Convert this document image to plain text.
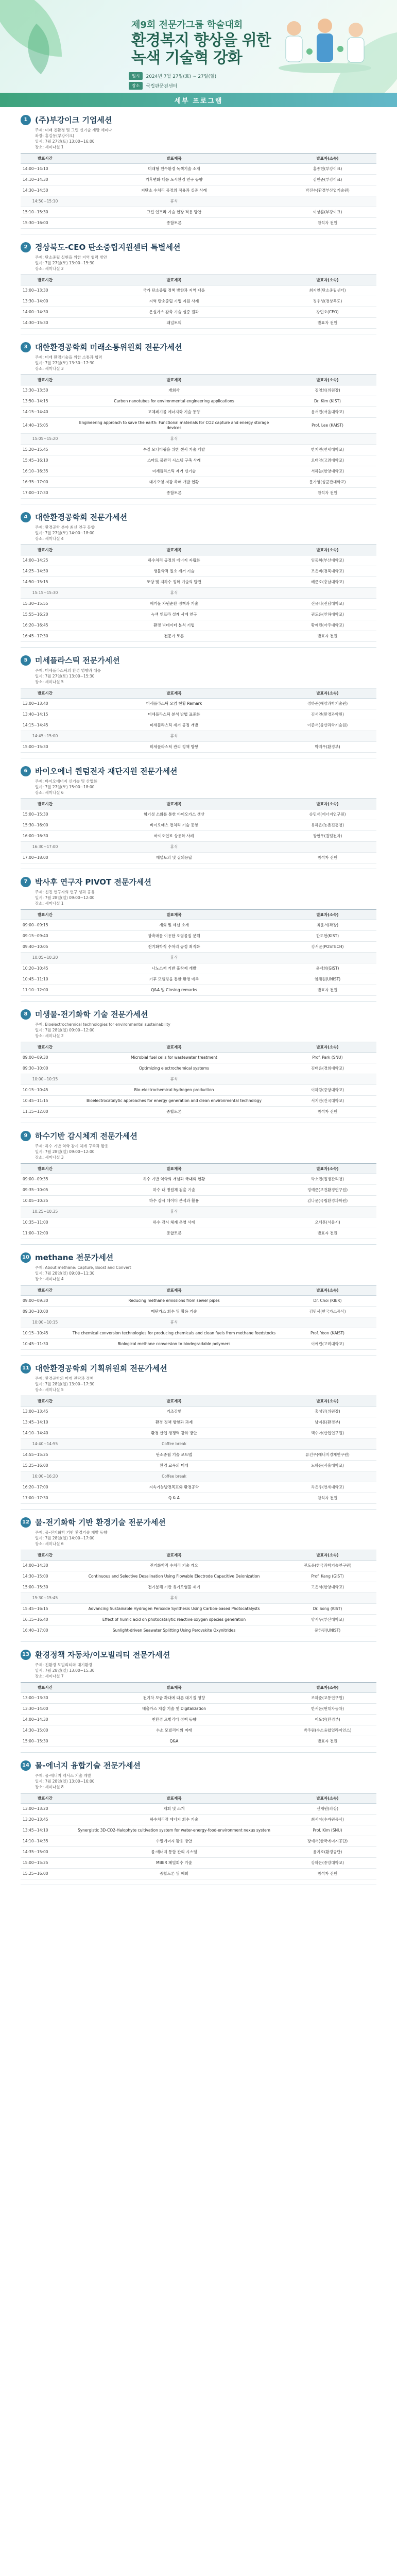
제9회 전문가그룹 학술대회
환경복지 향상을 위한
녹색 기술혁 강화
일시	2024년 7월 27일(토) ~ 27일(일)
장소	국립판문진센터
세부 프로그램
1 (주)부강이크 기업세션
주제: 미래 친환경 및 그린 신기술 개발 세미나
좌장: 홍길동(부강이크)
일시: 7월 27일(토) 13:00~16:00
장소: 세미나실 1
발표시간	발표제목	발표자(소속)
14:00~14:10	미래형 친수환경 녹색기술 소개	홍종헌(부강이크)
14:10~14:30	기후변화 대응 도시환경 연구 동향	김민준(부강이크)
14:30~14:50	저탄소 수처리 공정의 적용과 실증 사례	박진수(환경부산업기술원)
14:50~15:10	휴식	
15:10~15:30	그린 인프라 기술 현장 적용 방안	이상훈(부강이크)
15:30~16:00	종합토론	참석자 전원
2 경상북도-CEO 탄소중립지원센터 특별세션
주제: 탄소중립 실현을 위한 지역 협력 방안
일시: 7월 27일(토) 13:00~15:30
장소: 세미나실 2
발표시간	발표제목	발표자(소속)
13:00~13:30	국가 탄소중립 정책 방향과 지역 대응	최지연(탄소중립센터)
13:30~14:00	지역 탄소중립 기업 지원 사례	정우성(경상북도)
14:00~14:30	온실가스 감축 기술 실증 결과	강민호(CEO)
14:30~15:30	패널토의	발표자 전원
3 대한환경공학회 미래소통위원회 전문가세션
주제: 미래 환경기술을 위한 소통과 협력
일시: 7월 27일(토) 13:30~17:30
장소: 세미나실 3
발표시간	발표제목	발표자(소속)
13:30~13:50	개회사	김영희(위원장)
13:50~14:15	Carbon nanotubes for environmental engineering applications	Dr. Kim (KIST)
14:15~14:40	고체폐기물 에너지화 기술 동향	윤서진(서울대학교)
14:40~15:05	Engineering approach to save the earth: Functional materials for CO2 capture and energy storage devices	Prof. Lee (KAIST)
15:05~15:20	휴식	
15:20~15:45	수질 모니터링을 위한 센서 기술 개발	한지민(연세대학교)
15:45~16:10	스마트 물관리 시스템 구축 사례	오태양(고려대학교)
16:10~16:35	미세플라스틱 제거 신기술	서하늘(한양대학교)
16:35~17:00	대기오염 저감 촉매 개발 현황	문가영(성균관대학교)
17:00~17:30	종합토론	참석자 전원
4 대한환경공학회 전문가세션
주제: 환경공학 분야 최신 연구 동향
일시: 7월 27일(토) 14:00~18:00
장소: 세미나실 4
발표시간	발표제목	발표자(소속)
14:00~14:25	하수처리 공정의 에너지 자립화	임동혁(부산대학교)
14:25~14:50	생물학적 질소 제거 기술	조은비(경북대학교)
14:50~15:15	토양 및 지하수 정화 기술의 발전	배준호(충남대학교)
15:15~15:30	휴식	
15:30~15:55	폐기물 자원순환 정책과 기술	신유나(전남대학교)
15:55~16:20	녹색 인프라 설계 사례 연구	권도윤(인하대학교)
16:20~16:45	환경 빅데이터 분석 기법	황예린(아주대학교)
16:45~17:30	전문가 토론	발표자 전원
5 미세플라스틱 전문가세션
주제: 미세플라스틱의 환경 영향과 대응
일시: 7월 27일(토) 13:00~15:30
장소: 세미나실 5
발표시간	발표제목	발표자(소속)
13:00~13:40	미세플라스틱 오염 현황 Remark	정하준(해양과학기술원)
13:40~14:15	미세플라스틱 분석 방법 표준화	김서연(환경과학원)
14:15~14:45	미세플라스틱 제거 공정 개발	이준서(울산과학기술원)
14:45~15:00	휴식	
15:00~15:30	미세플라스틱 관리 정책 방향	박지우(환경부)
6 바이오에너 퀀텀전자 재단지원 전문가세션
주제: 바이오에너지 신기술 및 산업화
일시: 7월 27일(토) 15:00~18:00
장소: 세미나실 6
발표시간	발표제목	발표자(소속)
15:00~15:30	혐기성 소화를 통한 바이오가스 생산	송민재(에너지연구원)
15:30~16:00	바이오매스 전처리 기술 동향	유하은(농촌진흥청)
16:00~16:30	바이오연료 상용화 사례	장현우(퀀텀전자)
16:30~17:00	휴식	
17:00~18:00	패널토의 및 질의응답	참석자 전원
7 박사후 연구자 PIVOT 전문가세션
주제: 신진 연구자의 연구 성과 공유
일시: 7월 28일(일) 09:00~12:00
장소: 세미나실 1
발표시간	발표제목	발표자(소속)
09:00~09:15	개회 및 세션 소개	최윤서(좌장)
09:15~09:40	광촉매를 이용한 오염물질 분해	한도현(KIST)
09:40~10:05	전기화학적 수처리 공정 최적화	강서윤(POSTECH)
10:05~10:20	휴식	
10:20~10:45	나노소재 기반 흡착제 개발	윤재희(GIST)
10:45~11:10	기후 모델링을 통한 환경 예측	임채원(UNIST)
11:10~12:00	Q&A 및 Closing remarks	발표자 전원
8 미생물-전기화학 기술 전문가세션
주제: Bioelectrochemical technologies for environmental sustainability
일시: 7월 28일(일) 09:00~12:00
장소: 세미나실 2
발표시간	발표제목	발표자(소속)
09:00~09:30	Microbial fuel cells for wastewater treatment	Prof. Park (SNU)
09:30~10:00	Optimizing electrochemical systems	김태윤(경희대학교)
10:00~10:15	휴식	
10:15~10:45	Bio-electrochemical hydrogen production	이하람(중앙대학교)
10:45~11:15	Bioelectrocatalytic approaches for energy generation and clean environmental technology	서지안(건국대학교)
11:15~12:00	종합토론	참석자 전원
9 하수기반 감시체계 전문가세션
주제: 하수 기반 역학 감시 체계 구축과 활용
일시: 7월 28일(일) 09:00~12:00
장소: 세미나실 3
발표시간	발표제목	발표자(소속)
09:00~09:35	하수 기반 역학의 개념과 국내외 현황	박소민(질병관리청)
09:35~10:05	하수 내 병원체 검출 기술	정예준(보건환경연구원)
10:05~10:25	하수 감시 데이터 분석과 활용	김나윤(국립환경과학원)
10:25~10:35	휴식	
10:35~11:00	하수 감시 체계 운영 사례	오세훈(서울시)
11:00~12:00	종합토론	발표자 전원
10 methane 전문가세션
주제: About methane: Capture, Boost and Convert
일시: 7월 28일(일) 09:00~11:30
장소: 세미나실 4
발표시간	발표제목	발표자(소속)
09:00~09:30	Reducing methane emissions from sewer pipes	Dr. Choi (KIER)
09:30~10:00	메탄가스 회수 및 활용 기술	김민서(한국가스공사)
10:00~10:15	휴식	
10:15~10:45	The chemical conversion technologies for producing chemicals and clean fuels from methane feedstocks	Prof. Yoon (KAIST)
10:45~11:30	Biological methane conversion to biodegradable polymers	이예린(고려대학교)
11 대한환경공학회 기획위원회 전문가세션
주제: 환경공학의 미래 전략과 정책
일시: 7월 28일(일) 13:00~17:30
장소: 세미나실 5
발표시간	발표제목	발표자(소속)
13:00~13:45	기조강연	홍성민(위원장)
13:45~14:10	환경 정책 방향과 과제	남지훈(환경부)
14:10~14:40	환경 산업 경쟁력 강화 방안	백수아(산업연구원)
14:40~14:55	Coffee break	
14:55~15:25	탄소중립 기술 로드맵	류건우(에너지경제연구원)
15:25~16:00	환경 교육의 미래	노하윤(서울대학교)
16:00~16:20	Coffee break	
16:20~17:00	지속가능발전목표와 환경공학	차은우(연세대학교)
17:00~17:30	Q & A	참석자 전원
12 물-전기화학 기반 환경기술 전문가세션
주제: 물-전기화학 기반 환경기술 개발 동향
일시: 7월 28일(일) 14:00~17:00
장소: 세미나실 6
발표시간	발표제목	발표자(소속)
14:00~14:30	전기화학적 수처리 기술 개요	전도윤(한국과학기술연구원)
14:30~15:00	Continuous and Selective Desalination Using Flowable Electrode Capacitive Deionization	Prof. Kang (GIST)
15:00~15:30	전기분해 기반 유기오염물 제거	고은서(한양대학교)
15:30~15:45	휴식	
15:45~16:15	Advancing Sustainable Hydrogen Peroxide Synthesis Using Carbon-based Photocatalysts	Dr. Song (KIST)
16:15~16:40	Effect of humic acid on photocatalytic reactive oxygen species generation	양시우(부산대학교)
16:40~17:00	Sunlight-driven Seawater Splitting Using Perovskite Oxynitrides	문하린(UNIST)
13 환경정책 자동차/이모빌리티 전문가세션
주제: 친환경 모빌리티와 대기환경
일시: 7월 28일(일) 13:00~15:30
장소: 세미나실 7
발표시간	발표제목	발표자(소속)
13:00~13:30	전기차 보급 확대에 따른 대기질 영향	조하준(교통연구원)
13:30~14:00	배출가스 저감 기술 및 Digitalization	한서윤(현대자동차)
14:00~14:30	친환경 모빌리티 정책 동향	이도현(환경부)
14:30~15:00	수소 모빌리티의 미래	박주원(수소융합얼라이언스)
15:00~15:30	Q&A	발표자 전원
14 물-에너지 융합기술 전문가세션
주제: 물-에너지 넥서스 기술 개발
일시: 7월 28일(일) 13:00~16:00
장소: 세미나실 8
발표시간	발표제목	발표자(소속)
13:00~13:20	개회 및 소개	신재원(좌장)
13:20~13:45	하수처리장 에너지 회수 기술	최서아(수자원공사)
13:45~14:10	Synergistic 3D-CO2-Halophyte cultivation system for water-energy-food-environment nexus system	Prof. Kim (SNU)
14:10~14:35	수열에너지 활용 방안	장예서(한국에너지공단)
14:35~15:00	물-에너지 통합 관리 시스템	윤지호(환경공단)
15:00~15:25	MBER 폐열회수 기술	강하은(중앙대학교)
15:25~16:00	종합토론 및 폐회	참석자 전원
